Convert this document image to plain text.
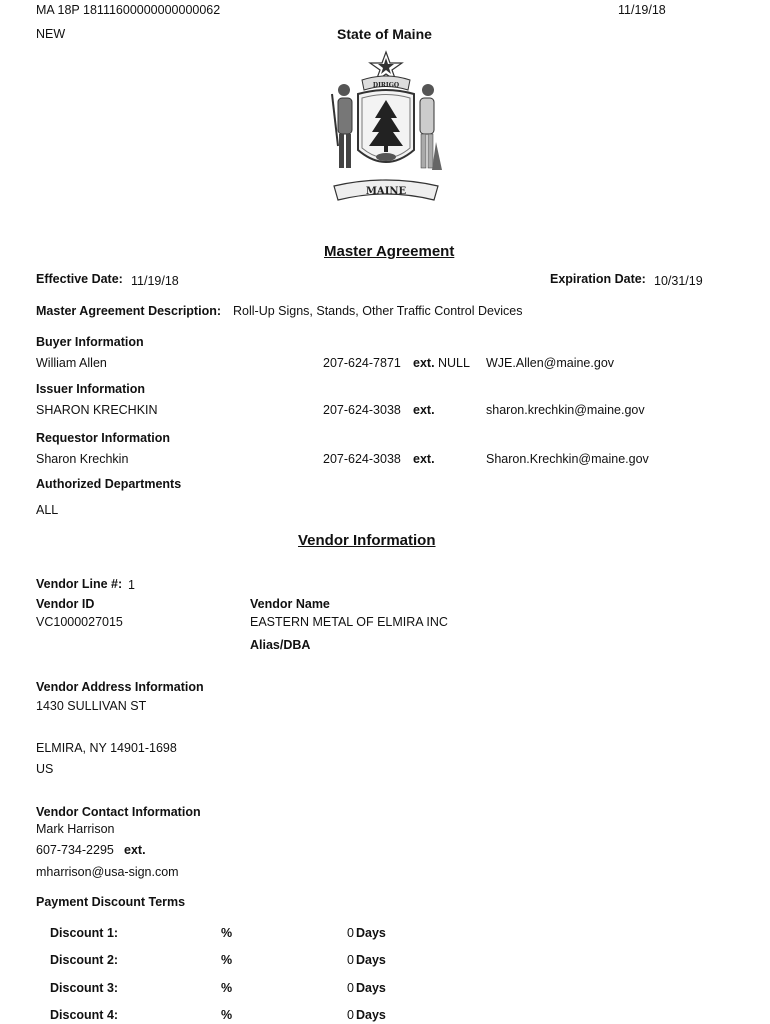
MA 18P 18111600000000000062	11/19/18
NEW	State of Maine
DIRIGO
MAINE
Master Agreement
Effective Date: 11/19/18	Expiration Date: 10/31/19
Master Agreement Description: Roll-Up Signs, Stands, Other Traffic Control Devices
Buyer Information
William Allen	207-624-7871 ext. NULL WJE.Allen@maine.gov
Issuer Information
SHARON KRECHKIN	207-624-3038 ext.	sharon.krechkin@maine.gov
Requestor Information
Sharon Krechkin	207-624-3038 ext.	Sharon.Krechkin@maine.gov
Authorized Departments
ALL
Vendor Information
Vendor Line #: 1
Vendor ID
VC1000027015
Vendor Name
EASTERN METAL OF ELMIRA INC
Alias/DBA
Vendor Address Information
1430 SULLIVAN ST
ELMIRA, NY 14901-1698
US
Vendor Contact Information
Mark Harrison
607-734-2295 ext.
mharrison@usa-sign.com
Payment Discount Terms
Discount 1:	%	0 Days
Discount 2:	%	0 Days
Discount 3:	%	0 Days
Discount 4:	%	0 Days
